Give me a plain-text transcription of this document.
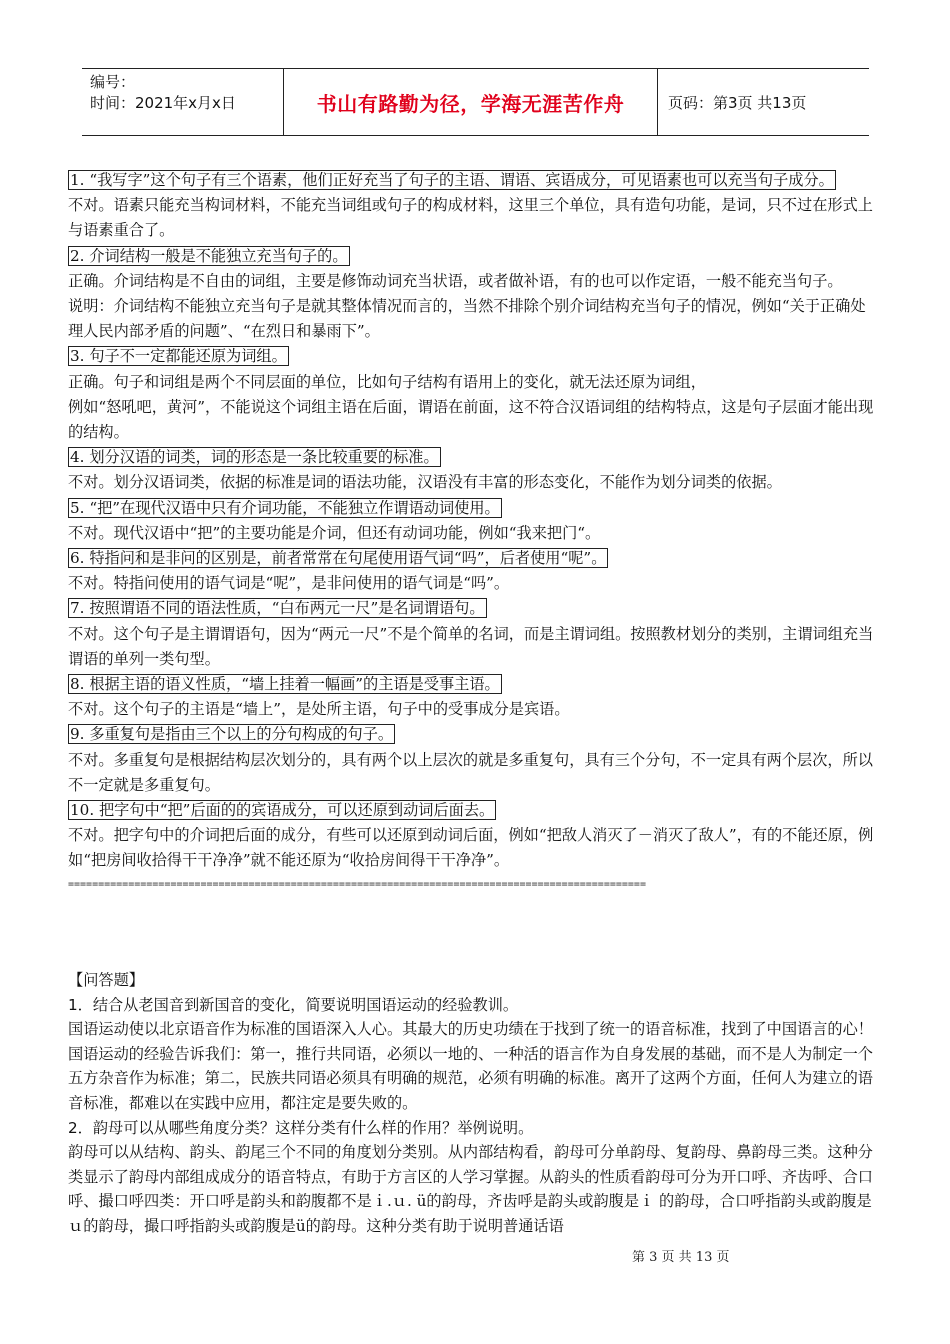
编号：
时间：2021年x月x日	书山有路勤为径，学海无涯苦作舟	页码：第3页 共13页

1. “我写字”这个句子有三个语素，他们正好充当了句子的主语、谓语、宾语成分，可见语素也可以充当句子成分。

不对。语素只能充当构词材料，不能充当词组或句子的构成材料，这里三个单位，具有造句功能，是词，只不过在形式上与语素重合了。

2. 介词结构一般是不能独立充当句子的。

正确。介词结构是不自由的词组，主要是修饰动词充当状语，或者做补语，有的也可以作定语，一般不能充当句子。

说明：介词结构不能独立充当句子是就其整体情况而言的，当然不排除个别介词结构充当句子的情况，例如“关于正确处理人民内部矛盾的问题”、“在烈日和暴雨下”。

3. 句子不一定都能还原为词组。

正确。句子和词组是两个不同层面的单位，比如句子结构有语用上的变化，就无法还原为词组，

例如“怒吼吧，黄河”，不能说这个词组主语在后面，谓语在前面，这不符合汉语词组的结构特点，这是句子层面才能出现的结构。

4. 划分汉语的词类，词的形态是一条比较重要的标准。

不对。划分汉语词类，依据的标准是词的语法功能，汉语没有丰富的形态变化，不能作为划分词类的依据。

5. “把”在现代汉语中只有介词功能，不能独立作谓语动词使用。

不对。现代汉语中“把”的主要功能是介词，但还有动词功能，例如“我来把门“。

6. 特指问和是非问的区别是，前者常常在句尾使用语气词“吗”，后者使用“呢”。

不对。特指问使用的语气词是“呢”，是非问使用的语气词是“吗”。

7. 按照谓语不同的语法性质，“白布两元一尺”是名词谓语句。

不对。这个句子是主谓谓语句，因为“两元一尺”不是个简单的名词，而是主谓词组。按照教材划分的类别，主谓词组充当谓语的单列一类句型。

8. 根据主语的语义性质，“墙上挂着一幅画”的主语是受事主语。

不对。这个句子的主语是“墙上”，是处所主语，句子中的受事成分是宾语。

9. 多重复句是指由三个以上的分句构成的句子。

不对。多重复句是根据结构层次划分的，具有两个以上层次的就是多重复句，具有三个分句，不一定具有两个层次，所以不一定就是多重复句。

10. 把字句中“把”后面的的宾语成分，可以还原到动词后面去。

不对。把字句中的介词把后面的成分，有些可以还原到动词后面，例如“把敌人消灭了－消灭了敌人”，有的不能还原，例如“把房间收拾得干干净净”就不能还原为“收拾房间得干干净净”。

================================================================================================

【问答题】

1．结合从老国音到新国音的变化，简要说明国语运动的经验教训。

国语运动使以北京语音作为标准的国语深入人心。其最大的历史功绩在于找到了统一的语音标准，找到了中国语言的心！国语运动的经验告诉我们：第一，推行共同语，必须以一地的、一种活的语言作为自身发展的基础，而不是人为制定一个五方杂音作为标准；第二，民族共同语必须具有明确的规范，必须有明确的标准。离开了这两个方面，任何人为建立的语音标准，都难以在实践中应用，都注定是要失败的。

2．韵母可以从哪些角度分类？这样分类有什么样的作用？举例说明。

韵母可以从结构、韵头、韵尾三个不同的角度划分类别。从内部结构看，韵母可分单韵母、复韵母、鼻韵母三类。这种分类显示了韵母内部组成成分的语音特点，有助于方言区的人学习掌握。从韵头的性质看韵母可分为开口呼、齐齿呼、合口呼、撮口呼四类：开口呼是韵头和韵腹都不是ｉ.ｕ. ü的韵母，齐齿呼是韵头或韵腹是ｉ 的韵母，合口呼指韵头或韵腹是ｕ的韵母，撮口呼指韵头或韵腹是ü的韵母。这种分类有助于说明普通话语

第 3 页 共 13 页
